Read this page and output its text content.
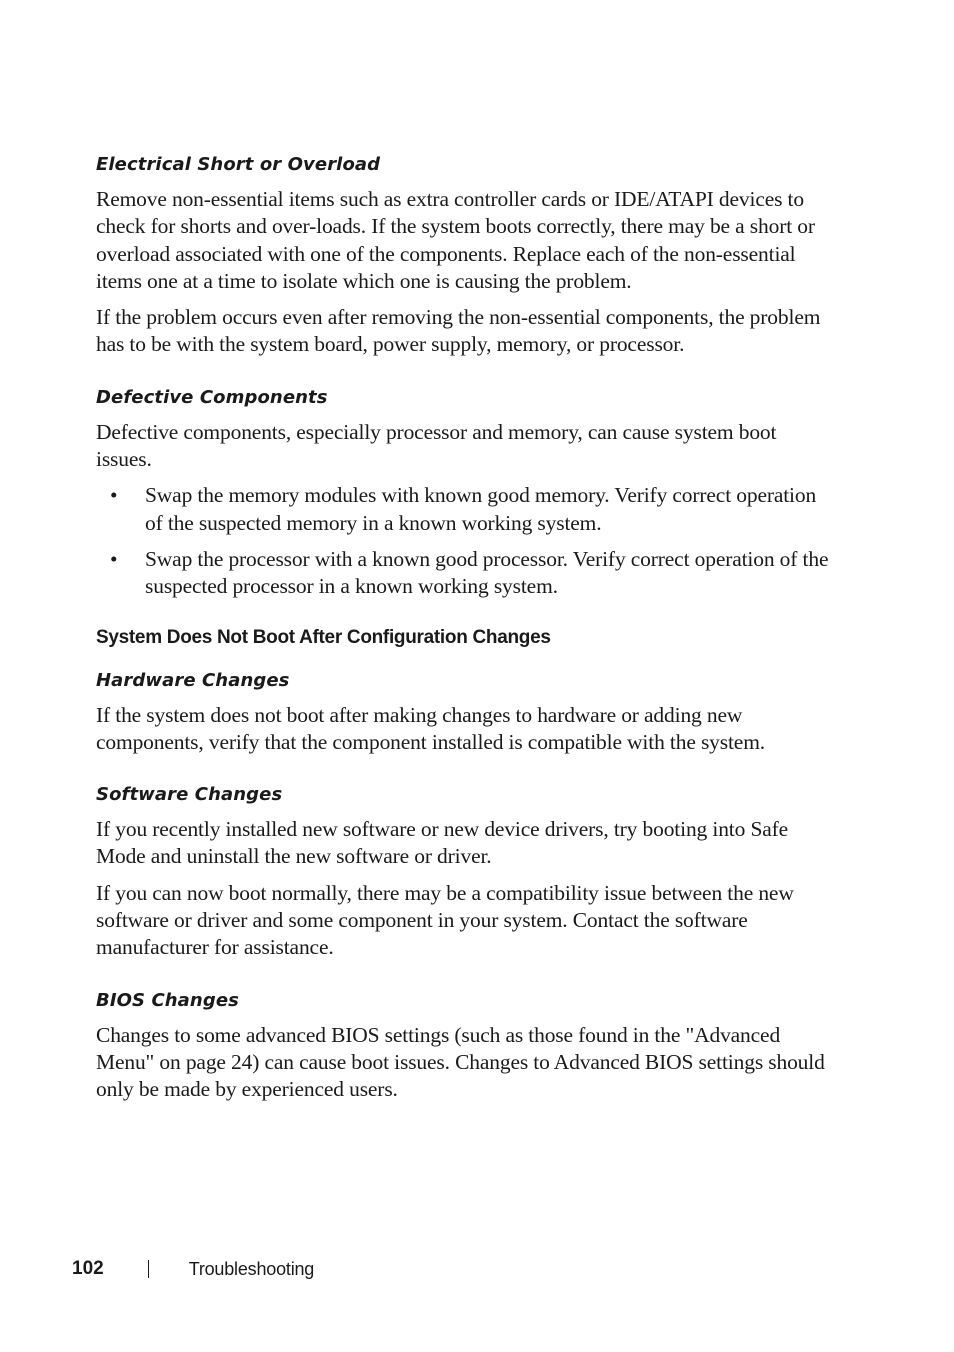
Electrical Short or Overload

Remove non-essential items such as extra controller cards or IDE/ATAPI devices to check for shorts and over-loads. If the system boots correctly, there may be a short or overload associated with one of the components. Replace each of the non-essential items one at a time to isolate which one is causing the problem.

If the problem occurs even after removing the non-essential components, the problem has to be with the system board, power supply, memory, or processor.

Defective Components

Defective components, especially processor and memory, can cause system boot issues.

• Swap the memory modules with known good memory. Verify correct operation of the suspected memory in a known working system.
• Swap the processor with a known good processor. Verify correct operation of the suspected processor in a known working system.
System Does Not Boot After Configuration Changes
Hardware Changes

If the system does not boot after making changes to hardware or adding new components, verify that the component installed is compatible with the system.

Software Changes

If you recently installed new software or new device drivers, try booting into Safe Mode and uninstall the new software or driver.

If you can now boot normally, there may be a compatibility issue between the new software or driver and some component in your system. Contact the software manufacturer for assistance.

BIOS Changes

Changes to some advanced BIOS settings (such as those found in the "Advanced Menu" on page 24) can cause boot issues. Changes to Advanced BIOS settings should only be made by experienced users.

102	Troubleshooting
